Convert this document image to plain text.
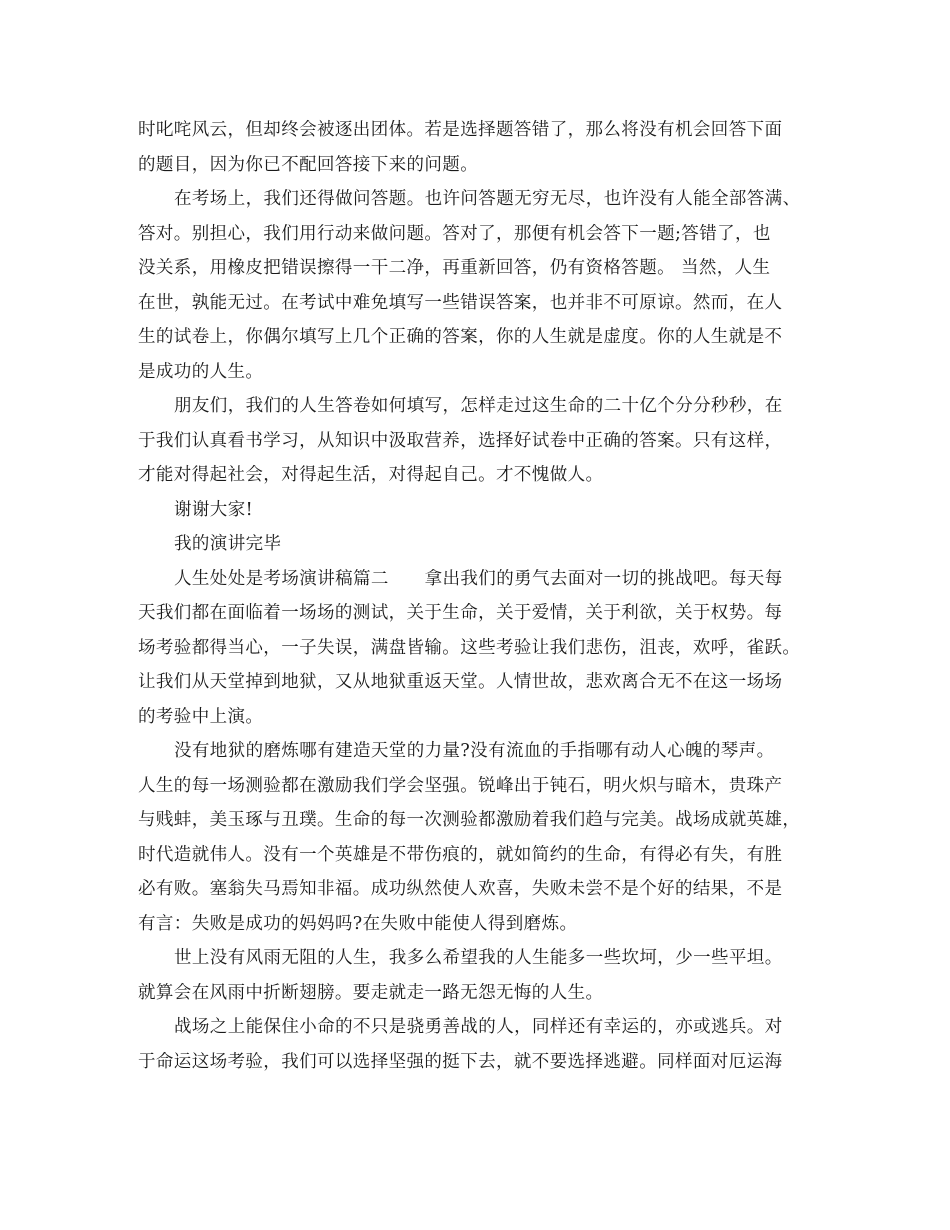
时叱咤风云，但却终会被逐出团体。若是选择题答错了，那么将没有机会回答下面
的题目，因为你已不配回答接下来的问题。
在考场上，我们还得做问答题。也许问答题无穷无尽，也许没有人能全部答满、
答对。别担心，我们用行动来做问题。答对了，那便有机会答下一题;答错了，也
没关系，用橡皮把错误擦得一干二净，再重新回答，仍有资格答题。 当然，人生
在世，孰能无过。在考试中难免填写一些错误答案，也并非不可原谅。然而，在人
生的试卷上，你偶尔填写上几个正确的答案，你的人生就是虚度。你的人生就是不
是成功的人生。
朋友们，我们的人生答卷如何填写，怎样走过这生命的二十亿个分分秒秒，在
于我们认真看书学习，从知识中汲取营养，选择好试卷中正确的答案。只有这样，
才能对得起社会，对得起生活，对得起自己。才不愧做人。
谢谢大家!
我的演讲完毕
人生处处是考场演讲稿篇二　　拿出我们的勇气去面对一切的挑战吧。每天每
天我们都在面临着一场场的测试，关于生命，关于爱情，关于利欲，关于权势。每
场考验都得当心，一子失误，满盘皆输。这些考验让我们悲伤，沮丧，欢呼，雀跃。
让我们从天堂掉到地狱，又从地狱重返天堂。人情世故，悲欢离合无不在这一场场
的考验中上演。
没有地狱的磨炼哪有建造天堂的力量?没有流血的手指哪有动人心魄的琴声。
人生的每一场测验都在激励我们学会坚强。锐峰出于钝石，明火炽与暗木，贵珠产
与贱蚌，美玉琢与丑璞。生命的每一次测验都激励着我们趋与完美。战场成就英雄，
时代造就伟人。没有一个英雄是不带伤痕的，就如简约的生命，有得必有失，有胜
必有败。塞翁失马焉知非福。成功纵然使人欢喜，失败未尝不是个好的结果，不是
有言：失败是成功的妈妈吗?在失败中能使人得到磨炼。
世上没有风雨无阻的人生，我多么希望我的人生能多一些坎坷，少一些平坦。
就算会在风雨中折断翅膀。要走就走一路无怨无悔的人生。
战场之上能保住小命的不只是骁勇善战的人，同样还有幸运的，亦或逃兵。对
于命运这场考验，我们可以选择坚强的挺下去，就不要选择逃避。同样面对厄运海
